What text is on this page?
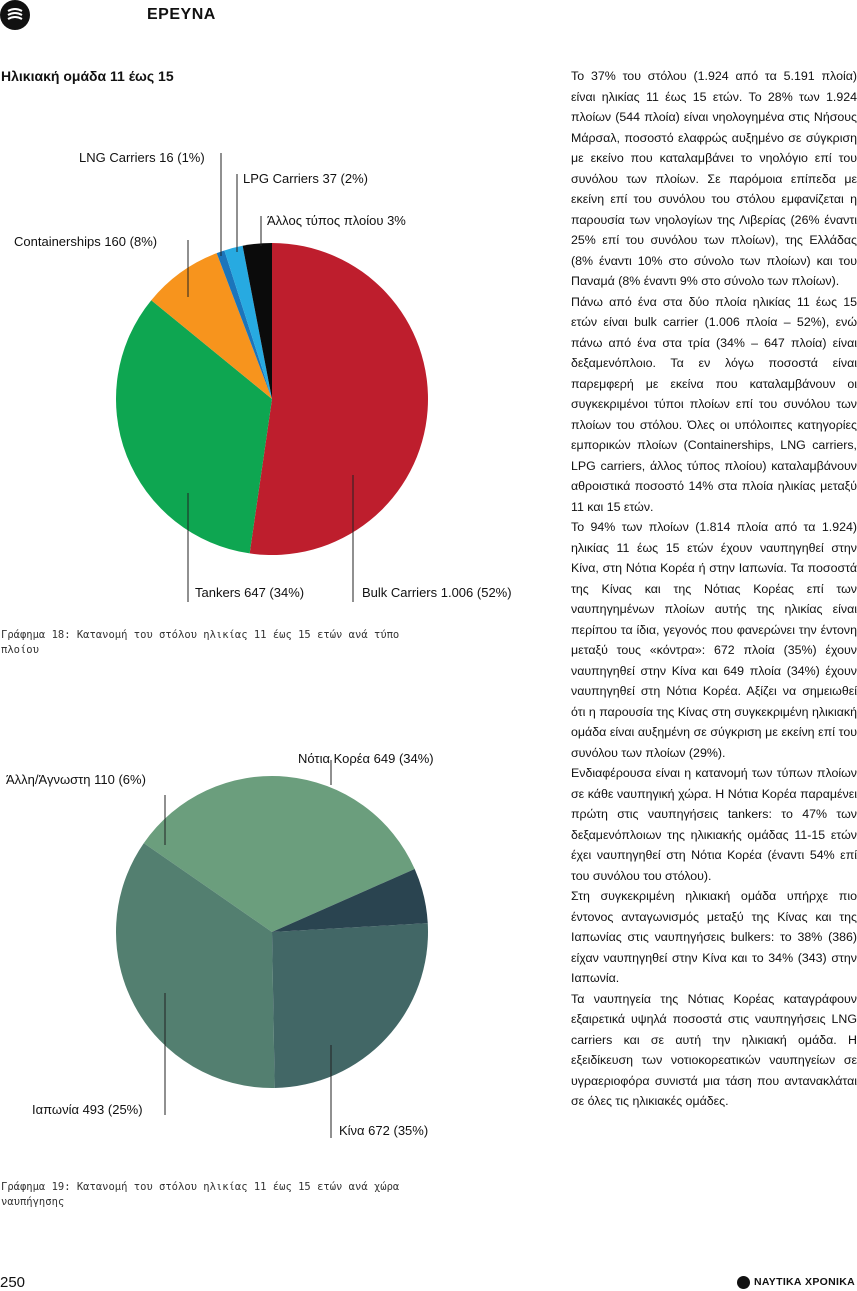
ΕΡΕΥΝΑ
Ηλικιακή ομάδα 11 έως 15
LNG Carriers 16 (1%)
LPG Carriers 37 (2%)
Άλλος τύπος πλοίου 3%
Containerships 160 (8%)
Tankers 647 (34%)	Bulk Carriers 1.006 (52%)
Γράφημα 18: Κατανομή του στόλου ηλικίας 11 έως 15 ετών ανά τύπο πλοίου
Νότια Κορέα 649 (34%)
Άλλη/Άγνωστη 110 (6%)
Ιαπωνία 493 (25%)
Κίνα 672 (35%)
Γράφημα 19: Κατανομή του στόλου ηλικίας 11 έως 15 ετών ανά χώρα ναυπήγησης

Το 37% του στόλου (1.924 από τα 5.191 πλοία) είναι ηλικίας 11 έως 15 ετών. Το 28% των 1.924 πλοίων (544 πλοία) είναι νηολογημένα στις Νήσους Μάρσαλ, ποσοστό ελαφρώς αυξημένο σε σύγκριση με εκείνο που καταλαμβάνει το νηολόγιο επί του συνόλου των πλοίων. Σε παρόμοια επίπεδα με εκείνη επί του συνόλου του στόλου εμφανίζεται η παρουσία των νηολογίων της Λιβερίας (26% έναντι 25% επί του συνόλου των πλοίων), της Ελλάδας (8% έναντι 10% στο σύνολο των πλοίων) και του Παναμά (8% έναντι 9% στο σύνολο των πλοίων).

Πάνω από ένα στα δύο πλοία ηλικίας 11 έως 15 ετών είναι bulk carrier (1.006 πλοία – 52%), ενώ πάνω από ένα στα τρία (34% – 647 πλοία) είναι δεξαμενόπλοιο. Τα εν λόγω ποσοστά είναι παρεμφερή με εκείνα που καταλαμβάνουν οι συγκεκριμένοι τύποι πλοίων επί του συνόλου των πλοίων του στόλου. Όλες οι υπόλοιπες κατηγορίες εμπορικών πλοίων (Containerships, LNG carriers, LPG carriers, άλλος τύπος πλοίου) καταλαμβάνουν αθροιστικά ποσοστό 14% στα πλοία ηλικίας μεταξύ 11 και 15 ετών.

Το 94% των πλοίων (1.814 πλοία από τα 1.924) ηλικίας 11 έως 15 ετών έχουν ναυπηγηθεί στην Κίνα, στη Νότια Κορέα ή στην Ιαπωνία. Τα ποσοστά της Κίνας και της Νότιας Κορέας επί των ναυπηγημένων πλοίων αυτής της ηλικίας είναι περίπου τα ίδια, γεγονός που φανερώνει την έντονη μεταξύ τους «κόντρα»: 672 πλοία (35%) έχουν ναυπηγηθεί στην Κίνα και 649 πλοία (34%) έχουν ναυπηγηθεί στη Νότια Κορέα. Αξίζει να σημειωθεί ότι η παρουσία της Κίνας στη συγκεκριμένη ηλικιακή ομάδα είναι αυξημένη σε σύγκριση με εκείνη επί του συνόλου των πλοίων (29%).

Ενδιαφέρουσα είναι η κατανομή των τύπων πλοίων σε κάθε ναυπηγική χώρα. Η Νότια Κορέα παραμένει πρώτη στις ναυπηγήσεις tankers: το 47% των δεξαμενόπλοιων της ηλικιακής ομάδας 11-15 ετών έχει ναυπηγηθεί στη Νότια Κορέα (έναντι 54% επί του συνόλου του στόλου).

Στη συγκεκριμένη ηλικιακή ομάδα υπήρχε πιο έντονος ανταγωνισμός μεταξύ της Κίνας και της Ιαπωνίας στις ναυπηγήσεις bulkers: το 38% (386) είχαν ναυπηγηθεί στην Κίνα και το 34% (343) στην Ιαπωνία.

Τα ναυπηγεία της Νότιας Κορέας καταγράφουν εξαιρετικά υψηλά ποσοστά στις ναυπηγήσεις LNG carriers και σε αυτή την ηλικιακή ομάδα. Η εξειδίκευση των νοτιοκορεατικών ναυπηγείων σε υγραεριοφόρα συνιστά μια τάση που αντανακλάται σε όλες τις ηλικιακές ομάδες.

250	ΝΑΥΤΙΚΑ ΧΡΟΝΙΚΑ
